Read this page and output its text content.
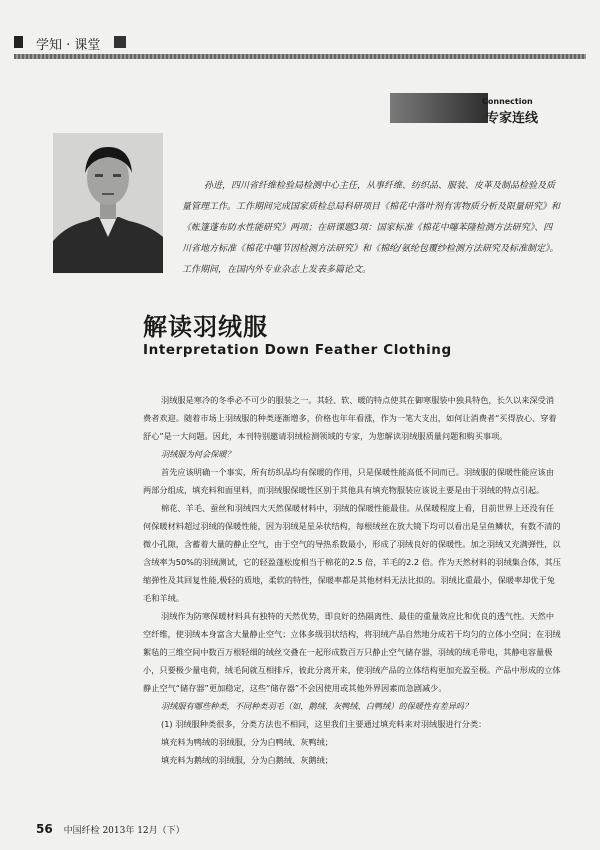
学知 · 课堂
Connection
专家连线
孙进，四川省纤维检验局检测中心主任，从事纤维、纺织品、服装、皮革及制品检验及质量管理工作。工作期间完成国家质检总局科研项目《棉花中落叶剂有害物质分析及限量研究》和《帐篷蓬布防水性能研究》两项；在研课题3项：国家标准《棉花中噻苯隆检测方法研究》、四川省地方标准《棉花中噻节因检测方法研究》和《棉纶/氨纶包覆纱检测方法研究及标准制定》。工作期间，在国内外专业杂志上发表多篇论文。
解读羽绒服
Interpretation Down Feather Clothing

羽绒服是寒冷的冬季必不可少的服装之一。其轻、软、暖的特点使其在御寒服装中独具特色，长久以来深受消费者欢迎。随着市场上羽绒服的种类逐渐增多，价格也年年看涨，作为一笔大支出，如何让消费者“买得放心、穿着舒心”是一大问题。因此，本刊特别邀请羽绒检测领域的专家，为您解读羽绒服质量问题和购买事项。

羽绒服为何会保暖？

首先应该明确一个事实，所有纺织品均有保暖的作用，只是保暖性能高低不同而已。羽绒服的保暖性能应该由两部分组成，填充料和面里料，而羽绒服保暖性区别于其他具有填充物服装应该说主要是由于羽绒的特点引起。

棉花、羊毛、蚕丝和羽绒四大天然保暖材料中，羽绒的保暖性能最佳。从保暖程度上看，目前世界上还没有任何保暖材料超过羽绒的保暖性能，因为羽绒是星朵状结构，每根绒丝在放大镜下均可以看出是呈鱼鳞状，有数不清的微小孔隙，含蓄着大量的静止空气，由于空气的导热系数最小，形成了羽绒良好的保暖性。加之羽绒又充满弹性，以含绒率为50%的羽绒测试，它的轻盈蓬松度相当于棉花的2.5 倍，羊毛的2.2 倍。作为天然材料的羽绒集合体，其压缩弹性及其回复性能,极轻的质地，柔软的特性，保暖率都是其他材料无法比拟的。羽绒比重最小，保暖率却优于兔毛和羊绒。

羽绒作为防寒保暖材料具有独特的天然优势，即良好的热隔离性、最佳的重量效应比和优良的透气性。天然中空纤维，使羽绒本身富含大量静止空气；立体多级羽状结构，将羽绒产品自然地分成若干均匀的立体小空间；在羽绒絮毡的三维空间中数百万根轻细的绒丝交叠在一起形成数百万只静止空气储存器，羽绒的绒毛带电，其静电容量极小，只要极少量电荷，绒毛间就互相排斥，彼此分离开来，使羽绒产品的立体结构更加充盈至极。产品中形成的立体静止空气“储存器”更加稳定，这些“储存器”不会因使用或其他外界因素而急剧减少。

羽绒服有哪些种类，不同种类羽毛（如，鹅绒、灰鸭绒、白鸭绒）的保暖性有差异吗？

(1) 羽绒服种类很多，分类方法也不相同，这里我们主要通过填充料来对羽绒服进行分类：

填充料为鸭绒的羽绒服，分为白鸭绒、灰鸭绒；

填充料为鹅绒的羽绒服，分为白鹅绒、灰鹅绒；

56 中国纤检 2013年 12月（下）
